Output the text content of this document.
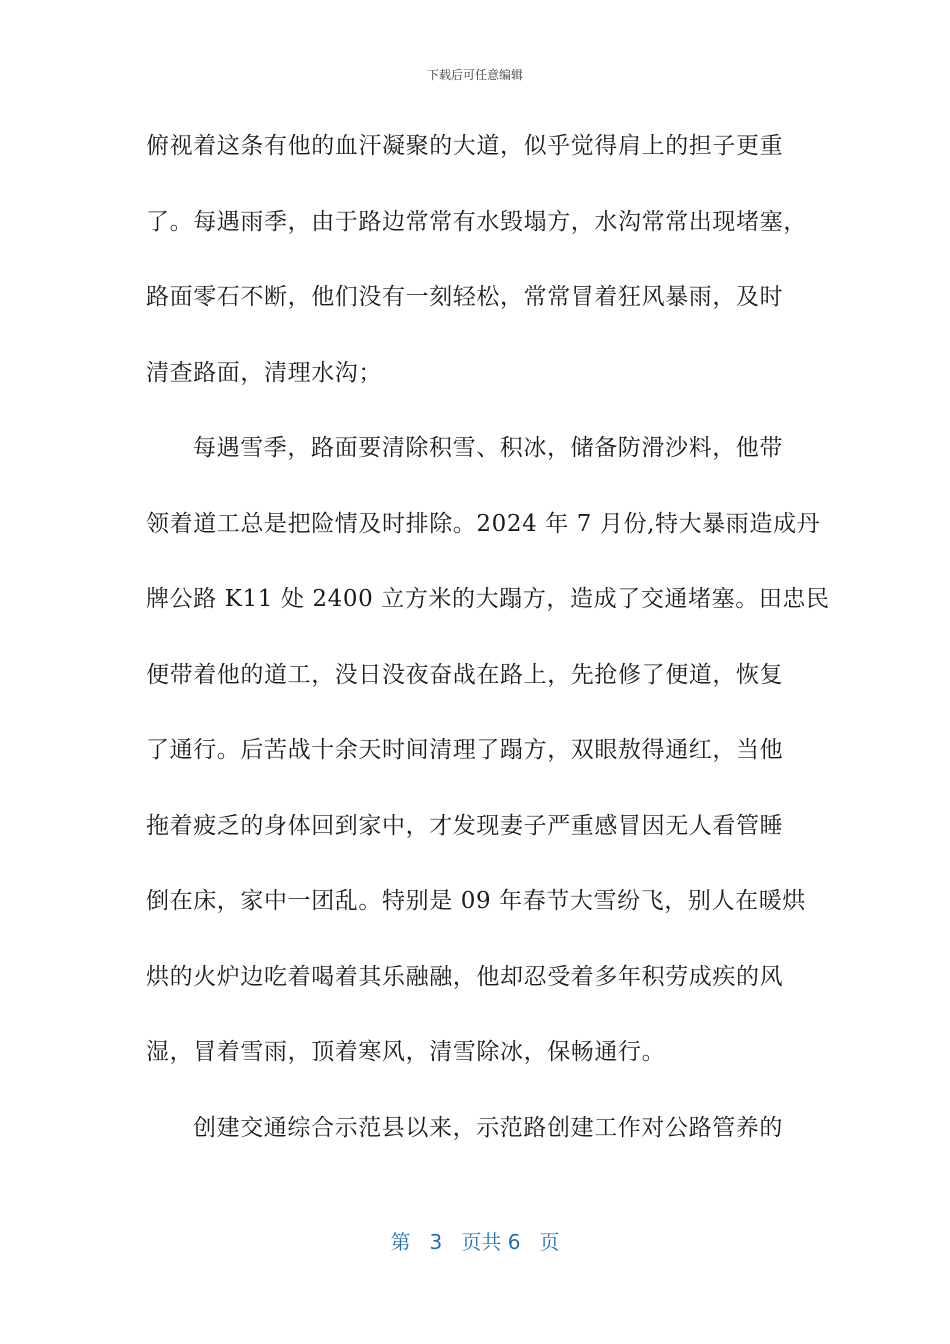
下载后可任意编辑
俯视着这条有他的血汗凝聚的大道，似乎觉得肩上的担子更重
了。每遇雨季，由于路边常常有水毁塌方，水沟常常出现堵塞，
路面零石不断，他们没有一刻轻松，常常冒着狂风暴雨，及时
清查路面，清理水沟；
每遇雪季，路面要清除积雪、积冰，储备防滑沙料，他带
领着道工总是把险情及时排除。2024 年 7 月份,特大暴雨造成丹
牌公路 K11 处 2400 立方米的大蹋方，造成了交通堵塞。田忠民
便带着他的道工，没日没夜奋战在路上，先抢修了便道，恢复
了通行。后苦战十余天时间清理了蹋方，双眼敖得通红，当他
拖着疲乏的身体回到家中，才发现妻子严重感冒因无人看管睡
倒在床，家中一团乱。特别是 09 年春节大雪纷飞，别人在暖烘
烘的火炉边吃着喝着其乐融融，他却忍受着多年积劳成疾的风
湿，冒着雪雨，顶着寒风，清雪除冰，保畅通行。
创建交通综合示范县以来，示范路创建工作对公路管养的
第 3 页共 6 页
